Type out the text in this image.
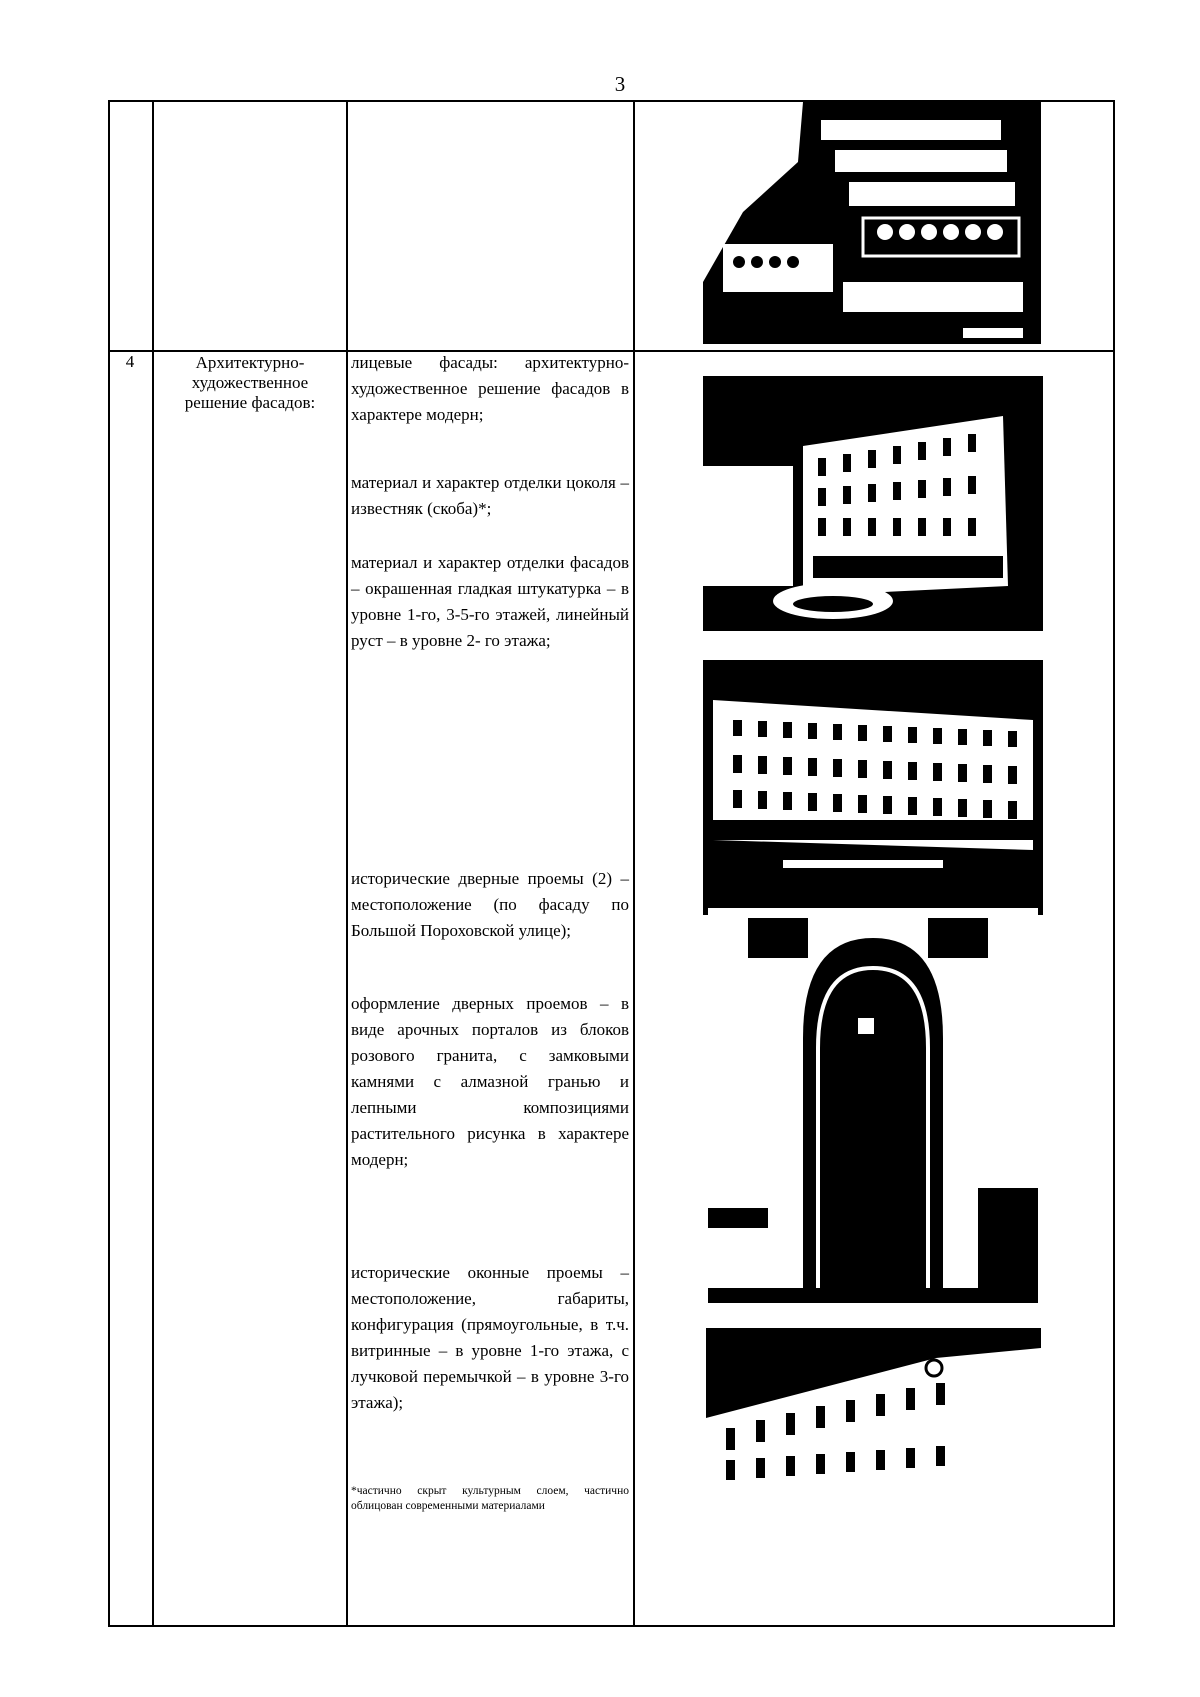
3
4	Архитектурно-
художественное
решение фасадов:
лицевые фасады: архитектурно-художественное решение фасадов в характере модерн;
материал и характер отделки цоколя – известняк (скоба)*;
материал и характер отделки фасадов – окрашенная гладкая штукатурка – в уровне 1-го, 3-5-го этажей, линейный руст – в уровне 2- го этажа;
исторические дверные проемы (2) – местоположение (по фасаду по Большой Пороховской улице);
оформление дверных проемов – в виде арочных порталов из блоков розового гранита, с замковыми камнями с алмазной гранью и лепными композициями растительного рисунка в характере модерн;
исторические оконные проемы – местоположение, габариты, конфигурация (прямоугольные, в т.ч. витринные – в уровне 1-го этажа, с лучковой перемычкой – в уровне 3-го этажа);
*частично скрыт культурным слоем, частично облицован современными материалами
